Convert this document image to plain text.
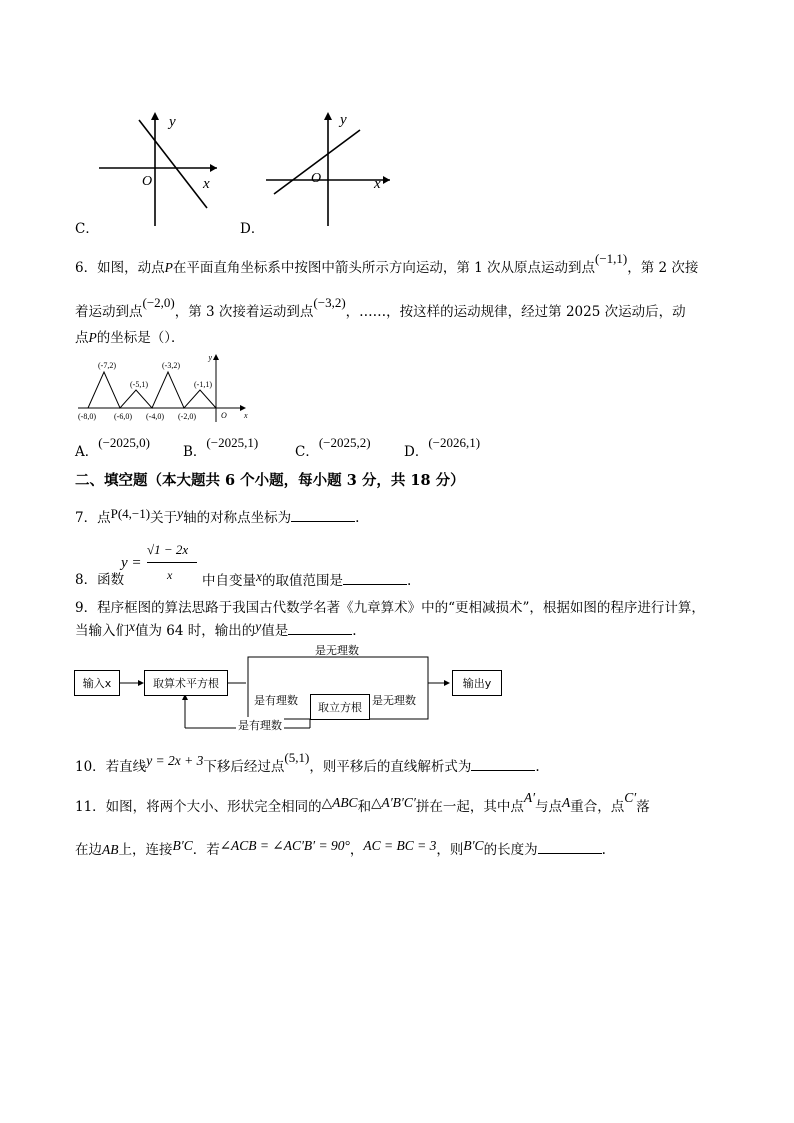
y
x
O
C．
y
x
O
D．
6．如图，动点P在平面直角坐标系中按图中箭头所示方向运动，第 1 次从原点运动到点(−1,1)，第 2 次接
着运动到点(−2,0)，第 3 次接着运动到点(−3,2)，……，按这样的运动规律，经过第 2025 次运动后，动
点P的坐标是（）．
y
x
O
(-8,0)
(-7,2)
(-6,0)
(-5,1)
(-4,0)
(-3,2)
(-2,0)
(-1,1)
A．(−2025,0)
B．(−2025,1)
C．(−2025,2)
D．(−2026,1)
二、填空题（本大题共 6 个小题，每小题 3 分，共 18 分）
7．点P(4,−1)关于y轴的对称点坐标为	.
8．函数
y =
√1 − 2x
x 中自变量x的取值范围是	.
9．程序框图的算法思路于我国古代数学名著《九章算术》中的“更相减损术”，根据如图的程序进行计算，
当输入们x值为 64 时，输出的y值是	.
输入x	取算术平方根
取立方根
输出y
是无理数
是有理数	是无理数
是有理数
10．若直线y = 2x + 3下移后经过点(5,1)，则平移后的直线解析式为	.
11．如图，将两个大小、形状完全相同的△ABC和△A′B′C′拼在一起，其中点A′与点A重合，点C′落
在边AB上，连接B′C．若∠ACB = ∠AC′B′ = 90°，AC = BC = 3，则B′C的长度为	.
